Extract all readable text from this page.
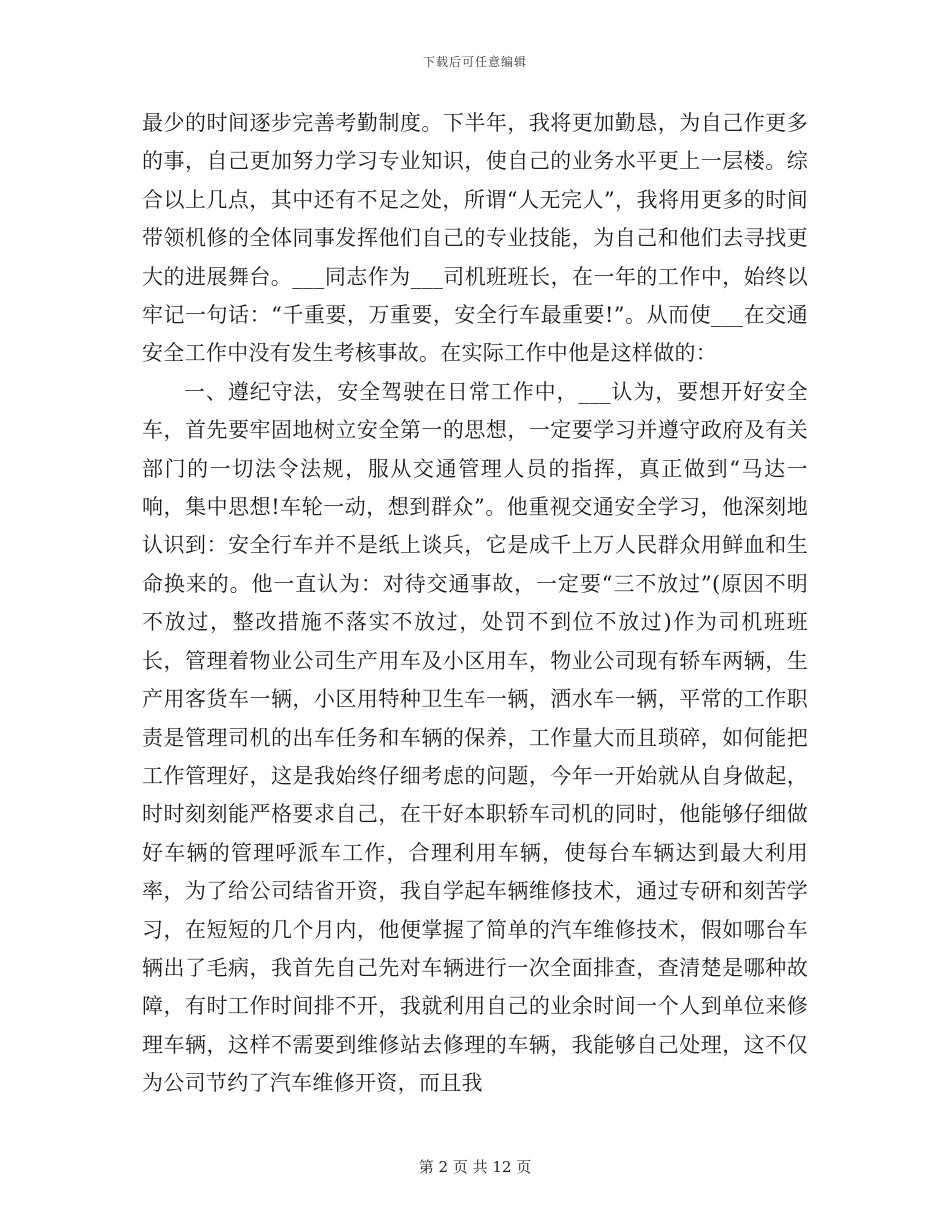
下载后可任意编辑

最少的时间逐步完善考勤制度。下半年，我将更加勤恳，为自己作更多的事，自己更加努力学习专业知识，使自己的业务水平更上一层楼。综合以上几点，其中还有不足之处，所谓“人无完人”，我将用更多的时间带领机修的全体同事发挥他们自己的专业技能，为自己和他们去寻找更大的进展舞台。___同志作为___司机班班长，在一年的工作中，始终以牢记一句话：“千重要，万重要，安全行车最重要!”。从而使___在交通安全工作中没有发生考核事故。在实际工作中他是这样做的：

一、遵纪守法，安全驾驶在日常工作中，___认为，要想开好安全车，首先要牢固地树立安全第一的思想，一定要学习并遵守政府及有关部门的一切法令法规，服从交通管理人员的指挥，真正做到“马达一响，集中思想!车轮一动，想到群众”。他重视交通安全学习，他深刻地认识到：安全行车并不是纸上谈兵，它是成千上万人民群众用鲜血和生命换来的。他一直认为：对待交通事故，一定要“三不放过”(原因不明不放过，整改措施不落实不放过，处罚不到位不放过)作为司机班班长，管理着物业公司生产用车及小区用车，物业公司现有轿车两辆，生产用客货车一辆，小区用特种卫生车一辆，洒水车一辆，平常的工作职责是管理司机的出车任务和车辆的保养，工作量大而且琐碎，如何能把工作管理好，这是我始终仔细考虑的问题，今年一开始就从自身做起，时时刻刻能严格要求自己，在干好本职轿车司机的同时，他能够仔细做好车辆的管理呼派车工作，合理利用车辆，使每台车辆达到最大利用率，为了给公司结省开资，我自学起车辆维修技术，通过专研和刻苦学习，在短短的几个月内，他便掌握了简单的汽车维修技术，假如哪台车辆出了毛病，我首先自己先对车辆进行一次全面排查，查清楚是哪种故障，有时工作时间排不开，我就利用自己的业余时间一个人到单位来修理车辆，这样不需要到维修站去修理的车辆，我能够自己处理，这不仅为公司节约了汽车维修开资，而且我

第 2 页 共 12 页
